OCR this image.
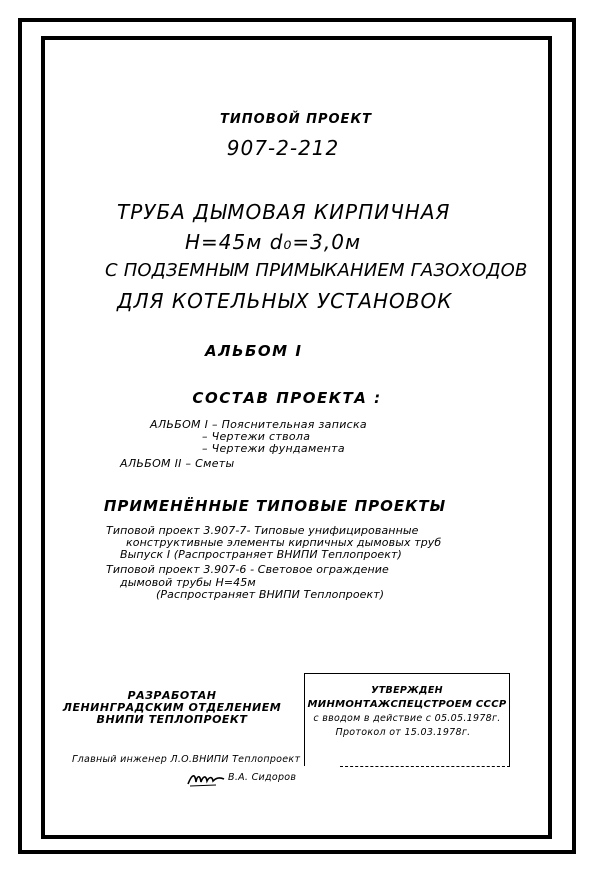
ТИПОВОЙ ПРОЕКТ
907-2-212
ТРУБА ДЫМОВАЯ КИРПИЧНАЯ
H=45м d₀=3,0м
С ПОДЗЕМНЫМ ПРИМЫКАНИЕМ ГАЗОХОДОВ
ДЛЯ КОТЕЛЬНЫХ УСТАНОВОК
АЛЬБОМ I
СОСТАВ ПРОЕКТА :
АЛЬБОМ I – Пояснительная записка
– Чертежи ствола
– Чертежи фундамента
АЛЬБОМ II – Сметы
ПРИМЕНЁННЫЕ ТИПОВЫЕ ПРОЕКТЫ
Типовой проект 3.907-7- Типовые унифицированные
конструктивные элементы кирпичных дымовых труб
Выпуск I (Распространяет ВНИПИ Теплопроект)
Типовой проект 3.907-6 - Световое ограждение
дымовой трубы H=45м
(Распространяет ВНИПИ Теплопроект)
РАЗРАБОТАН
ЛЕНИНГРАДСКИМ ОТДЕЛЕНИЕМ
ВНИПИ ТЕПЛОПРОЕКТ
Главный инженер Л.О.ВНИПИ Теплопроект
В.А. Сидоров
УТВЕРЖДЕН
МИНМОНТАЖСПЕЦСТРОЕМ СССР
с вводом в действие с 05.05.1978г.
Протокол от 15.03.1978г.
